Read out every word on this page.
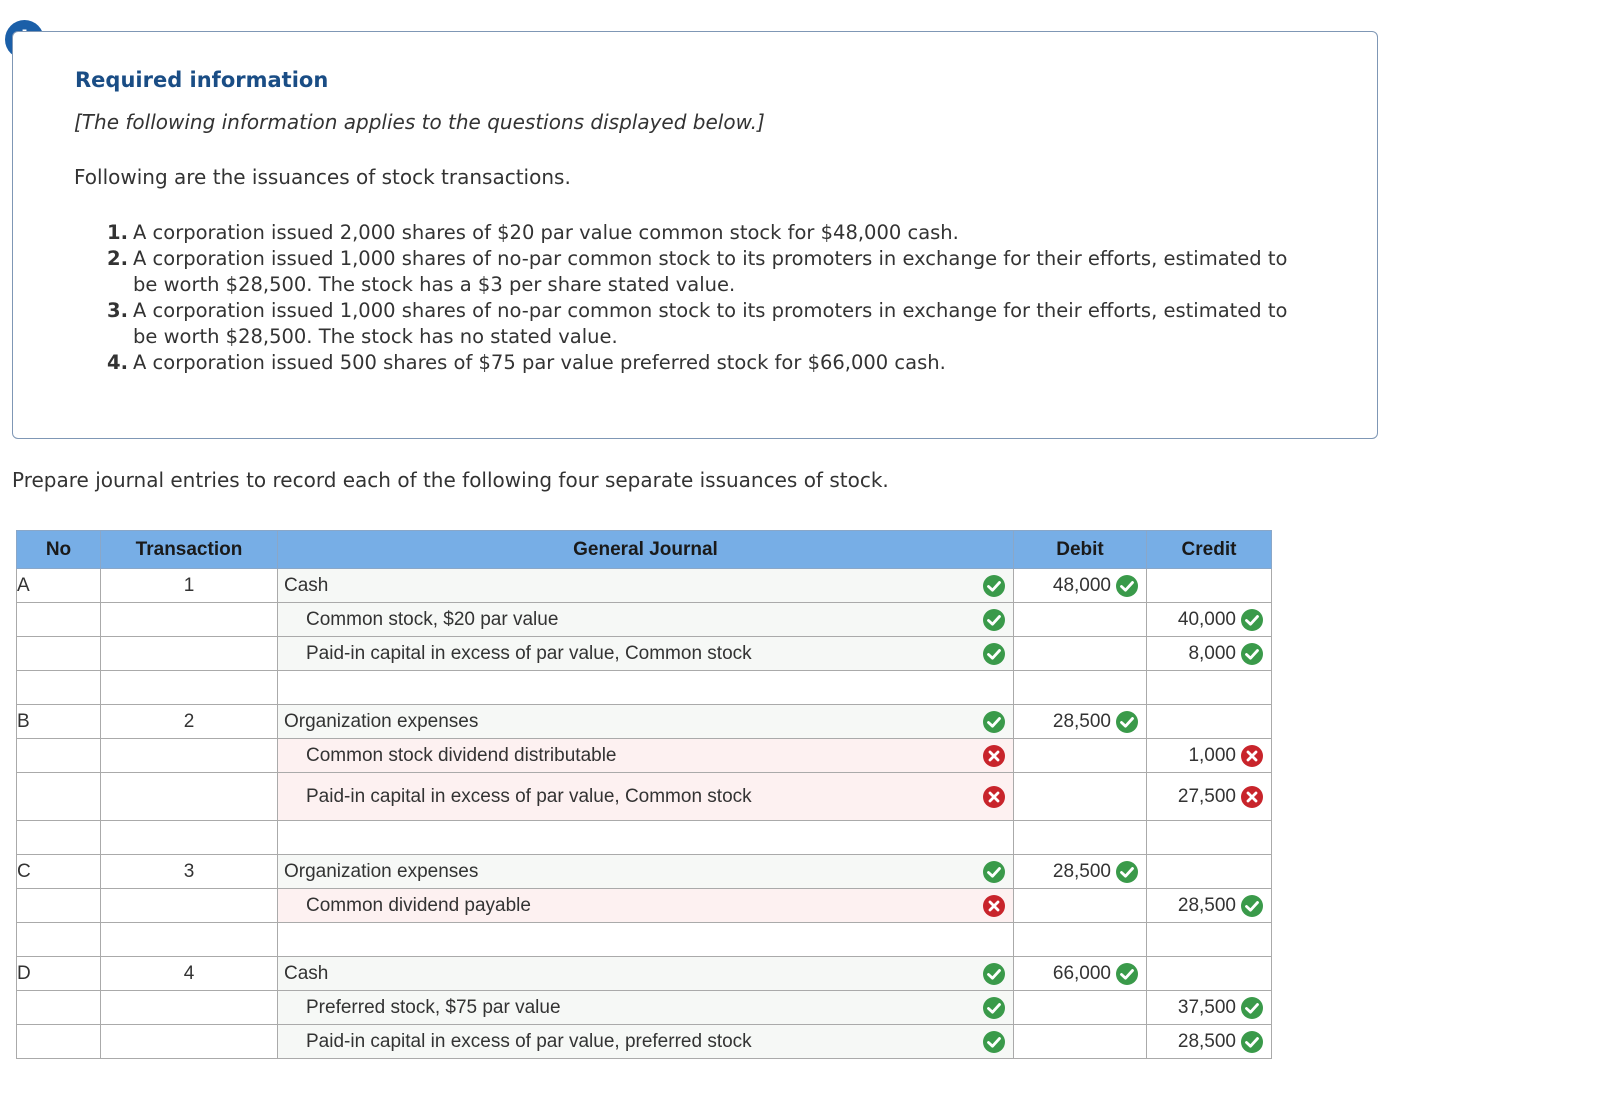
Required information
[The following information applies to the questions displayed below.]
Following are the issuances of stock transactions.
1. A corporation issued 2,000 shares of $20 par value common stock for $48,000 cash.
2. A corporation issued 1,000 shares of no-par common stock to its promoters in exchange for their efforts, estimated to be worth $28,500. The stock has a $3 per share stated value.
3. A corporation issued 1,000 shares of no-par common stock to its promoters in exchange for their efforts, estimated to be worth $28,500. The stock has no stated value.
4. A corporation issued 500 shares of $75 par value preferred stock for $66,000 cash.
Prepare journal entries to record each of the following four separate issuances of stock.
No	Transaction	General Journal	Debit	Credit
A	1	Cash	48,000	

		Common stock, $20 par value		40,000

		Paid-in capital in excess of par value, Common stock		8,000

B	2	Organization expenses	28,500	

		Common stock dividend distributable		1,000

		Paid-in capital in excess of par value, Common stock		27,500

C	3	Organization expenses	28,500	

		Common dividend payable		28,500

D	4	Cash	66,000	

		Preferred stock, $75 par value		37,500

		Paid-in capital in excess of par value, preferred stock		28,500
